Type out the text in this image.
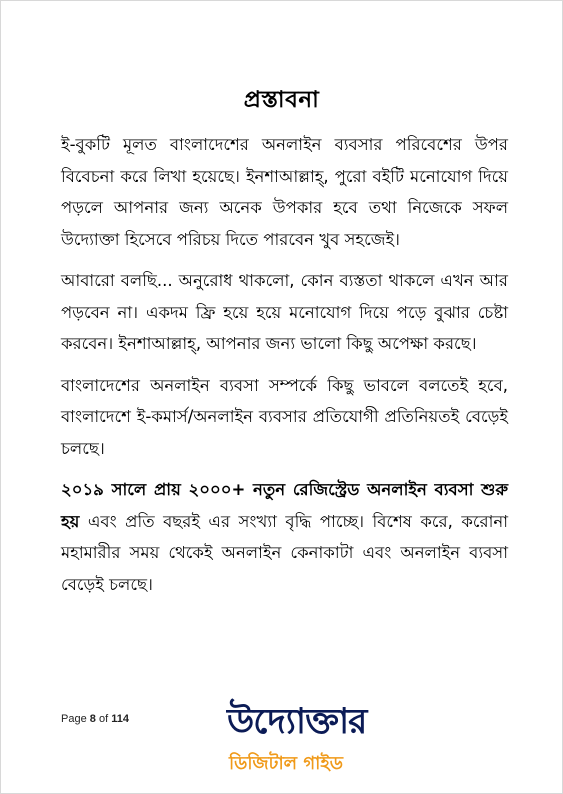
প্রস্তাবনা

ই-বুকটি মূলত বাংলাদেশের অনলাইন ব্যবসার পরিবেশের উপর বিবেচনা করে লিখা হয়েছে। ইনশাআল্লাহ্‌, পুরো বইটি মনোযোগ দিয়ে পড়লে আপনার জন্য অনেক উপকার হবে তথা নিজেকে সফল উদ্যোক্তা হিসেবে পরিচয় দিতে পারবেন খুব সহজেই।

আবারো বলছি... অনুরোধ থাকলো, কোন ব্যস্ততা থাকলে এখন আর পড়বেন না। একদম ফ্রি হয়ে হয়ে মনোযোগ দিয়ে পড়ে বুঝার চেষ্টা করবেন। ইনশাআল্লাহ্‌, আপনার জন্য ভালো কিছু অপেক্ষা করছে।

বাংলাদেশের অনলাইন ব্যবসা সম্পর্কে কিছু ভাবলে বলতেই হবে, বাংলাদেশে ই-কমার্স/অনলাইন ব্যবসার প্রতিযোগী প্রতিনিয়তই বেড়েই চলছে।

২০১৯ সালে প্রায় ২০০০+ নতুন রেজিস্ট্রেড অনলাইন ব্যবসা শুরু হয় এবং প্রতি বছরই এর সংখ্যা বৃদ্ধি পাচ্ছে। বিশেষ করে, করোনা মহামারীর সময় থেকেই অনলাইন কেনাকাটা এবং অনলাইন ব্যবসা বেড়েই চলছে।

Page 8 of 114	উদ্যোক্তার
ডিজিটাল গাইড
